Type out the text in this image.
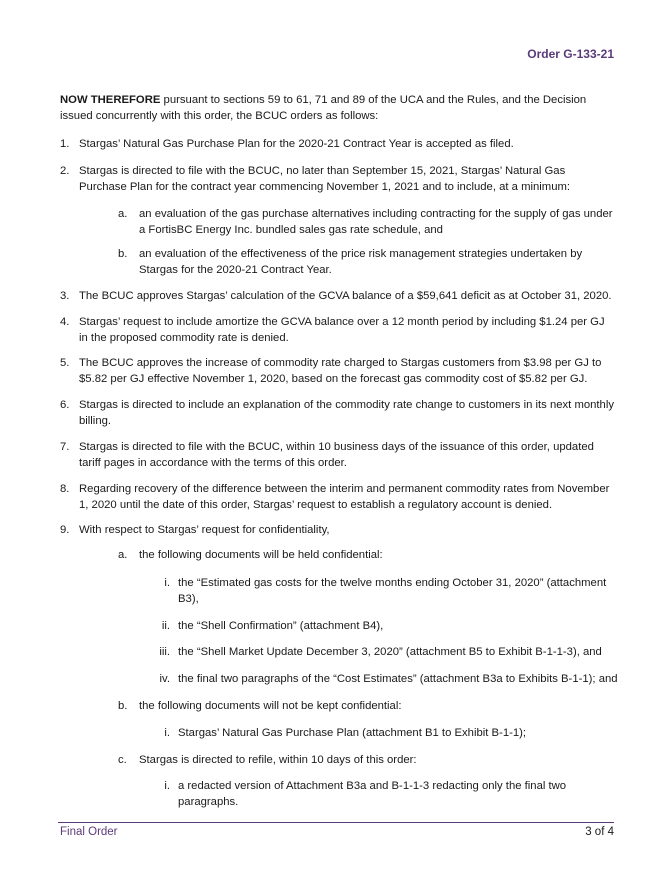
Order G-133-21
NOW THEREFORE pursuant to sections 59 to 61, 71 and 89 of the UCA and the Rules, and the Decision issued concurrently with this order, the BCUC orders as follows:
1. Stargas’ Natural Gas Purchase Plan for the 2020-21 Contract Year is accepted as filed.
2. Stargas is directed to file with the BCUC, no later than September 15, 2021, Stargas’ Natural Gas Purchase Plan for the contract year commencing November 1, 2021 and to include, at a minimum:
a. an evaluation of the gas purchase alternatives including contracting for the supply of gas under a FortisBC Energy Inc. bundled sales gas rate schedule, and
b. an evaluation of the effectiveness of the price risk management strategies undertaken by Stargas for the 2020-21 Contract Year.
3. The BCUC approves Stargas’ calculation of the GCVA balance of a $59,641 deficit as at October 31, 2020.
4. Stargas’ request to include amortize the GCVA balance over a 12 month period by including $1.24 per GJ in the proposed commodity rate is denied.
5. The BCUC approves the increase of commodity rate charged to Stargas customers from $3.98 per GJ to $5.82 per GJ effective November 1, 2020, based on the forecast gas commodity cost of $5.82 per GJ.
6. Stargas is directed to include an explanation of the commodity rate change to customers in its next monthly billing.
7. Stargas is directed to file with the BCUC, within 10 business days of the issuance of this order, updated tariff pages in accordance with the terms of this order.
8. Regarding recovery of the difference between the interim and permanent commodity rates from November 1, 2020 until the date of this order, Stargas’ request to establish a regulatory account is denied.
9. With respect to Stargas’ request for confidentiality,
a. the following documents will be held confidential:
i. the “Estimated gas costs for the twelve months ending October 31, 2020” (attachment B3),
ii. the “Shell Confirmation” (attachment B4),
iii. the “Shell Market Update December 3, 2020” (attachment B5 to Exhibit B-1-1-3), and
iv. the final two paragraphs of the “Cost Estimates” (attachment B3a to Exhibits B-1-1); and
b. the following documents will not be kept confidential:
i. Stargas’ Natural Gas Purchase Plan (attachment B1 to Exhibit B-1-1);
c. Stargas is directed to refile, within 10 days of this order:
i. a redacted version of Attachment B3a and B-1-1-3 redacting only the final two paragraphs.
Final Order	3 of 4
